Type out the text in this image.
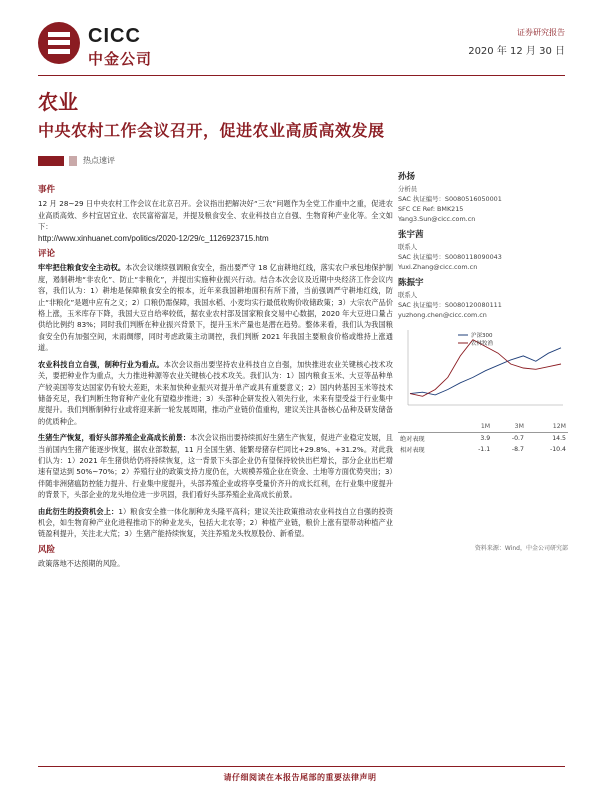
CICC
中金公司
证券研究报告
2020 年 12 月 30 日
农业
中央农村工作会议召开，促进农业高质高效发展
热点速评
事件
12 月 28~29 日中央农村工作会议在北京召开。会议指出把解决好“三农”问题作为全党工作重中之重，促进农业高质高效、乡村宜居宜业、农民富裕富足，并提及粮食安全、农业科技自立自强、生物育种产业化等。全文如下：
http://www.xinhuanet.com/politics/2020-12/29/c_1126923715.htm
评论
牢牢把住粮食安全主动权。本次会议继续强调粮食安全，指出要严守 18 亿亩耕地红线，落实农户承包地保护制度，遏制耕地“非农化”、防止“非粮化”，并提出实施种业振兴行动。结合本次会议及近期中央经济工作会议内容，我们认为：1）耕地是保障粮食安全的根本，近年来我国耕地面积有所下滑，当前强调严守耕地红线，防止“非粮化”是题中应有之义；2）口粮仍需保障，我国水稻、小麦均实行最低收购价收储政策；3）大宗农产品价格上涨，玉米库存下降，我国大豆自给率较低，据农业农村部及国家粮食交易中心数据，2020 年大豆进口量占供给比例约 83%；同时我们判断在种业振兴背景下，提升玉米产量也是潜在趋势。整体来看，我们认为我国粮食安全仍有加强空间，未雨绸缪，同时考虑政策主动调控，我们判断 2021 年我国主要粮食价格或维持上涨通道。
农业科技自立自强，制种行业为看点。本次会议指出要坚持农业科技自立自强，加快推进农业关键核心技术攻关，要把种业作为重点，大力推进种源等农业关键核心技术攻关。我们认为：1）国内粮食玉米、大豆等品种单产较美国等发达国家仍有较大差距，未来加快种业振兴对提升单产或具有重要意义；2）国内转基因玉米等技术储备充足，我们判断生物育种产业化有望稳步推进；3）头部种企研发投入领先行业，未来有望受益于行业集中度提升。我们判断制种行业或将迎来新一轮发展周期，推动产业链价值重构，建议关注具备核心品种及研发储备的优质种企。
生猪生产恢复，看好头部养殖企业高成长前景：本次会议指出要持续抓好生猪生产恢复，促进产业稳定发展，且当前国内生猪产能逐步恢复，据农业部数据，11 月全国生猪、能繁母猪存栏同比+29.8%、+31.2%。对此我们认为：1）2021 年生猪供给仍将持续恢复，这一背景下头部企业仍有望保持较快出栏增长，部分企业出栏增速有望达到 50%~70%；2）养殖行业的政策支持力度仍在，大规模养殖企业在资金、土地等方面优势突出；3）伴随非洲猪瘟防控能力提升、行业集中度提升，头部养殖企业或将享受量价齐升的成长红利，在行业集中度提升的背景下，头部企业的龙头地位进一步巩固，我们看好头部养殖企业高成长前景。
由此衍生的投资机会上：1）粮食安全推一体化制种龙头隆平高科；建议关注政策推动农业科技自立自强的投资机会，如生物育种产业化进程推动下的种业龙头，包括大北农等；2）种植产业链，粮价上涨有望带动种植产业链盈利提升，关注北大荒；3）生猪产能持续恢复，关注养殖龙头牧原股份、新希望。
风险
政策落地不达预期的风险。
孙扬
分析员
SAC 执证编号：S0080516050001
SFC CE Ref: BMK215
Yang3.Sun@cicc.com.cn
张宇茜
联系人
SAC 执证编号：S0080118090043
Yuxi.Zhang@cicc.com.cn
陈振宇
联系人
SAC 执证编号：S0080120080111
yuzhong.chen@cicc.com.cn
沪深300
农林牧渔
	1M	3M	12M
绝对表现	3.9	-0.7	14.5
相对表现	-1.1	-8.7	-10.4
资料来源：Wind，中金公司研究部
请仔细阅读在本报告尾部的重要法律声明
